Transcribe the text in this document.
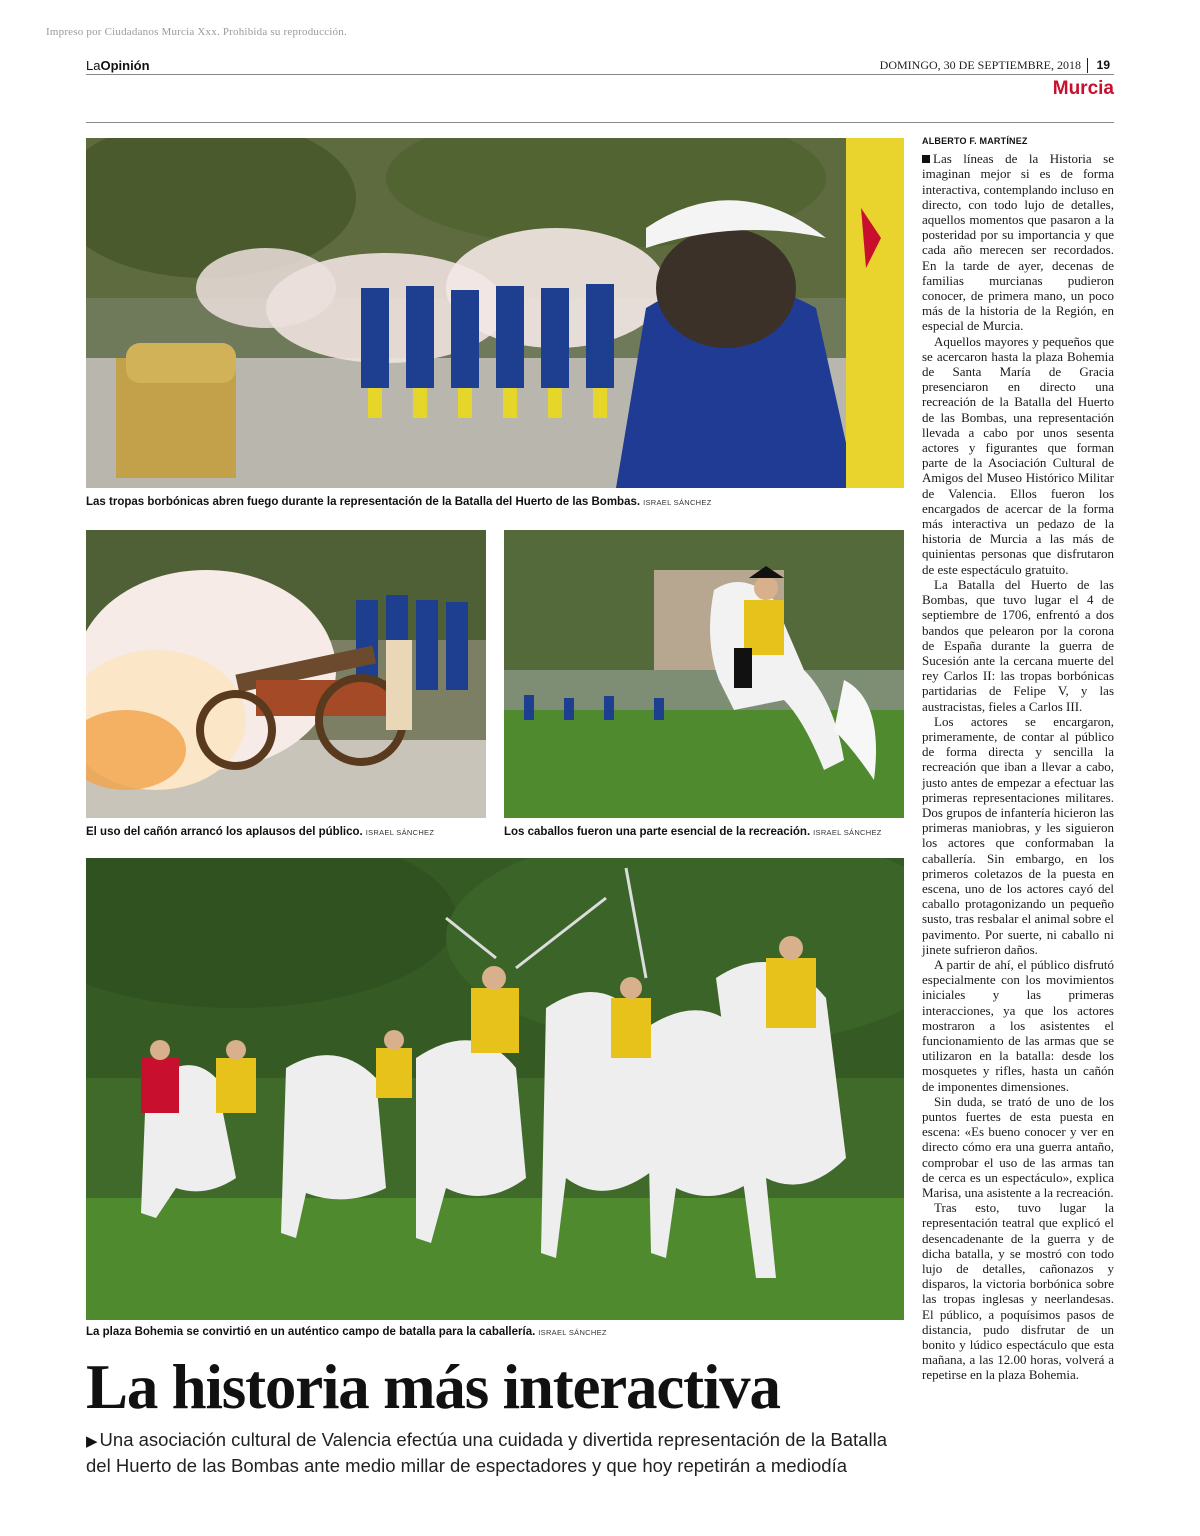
Impreso por Ciudadanos Murcia Xxx. Prohibida su reproducción.
LaOpinión	DOMINGO, 30 DE SEPTIEMBRE, 2018	19
Murcia
Las tropas borbónicas abren fuego durante la representación de la Batalla del Huerto de las Bombas. ISRAEL SÁNCHEZ
El uso del cañón arrancó los aplausos del público. ISRAEL SÁNCHEZ	Los caballos fueron una parte esencial de la recreación. ISRAEL SÁNCHEZ
La plaza Bohemia se convirtió en un auténtico campo de batalla para la caballería. ISRAEL SÁNCHEZ
La historia más interactiva
▶ Una asociación cultural de Valencia efectúa una cuidada y divertida representación de la Batalla del Huerto de las Bombas ante medio millar de espectadores y que hoy repetirán a mediodía
ALBERTO F. MARTÍNEZ

Las líneas de la Historia se imaginan mejor si es de forma interactiva, contemplando incluso en directo, con todo lujo de detalles, aquellos momentos que pasaron a la posteridad por su importancia y que cada año merecen ser recordados. En la tarde de ayer, decenas de familias murcianas pudieron conocer, de primera mano, un poco más de la historia de la Región, en especial de Murcia.

Aquellos mayores y pequeños que se acercaron hasta la plaza Bohemia de Santa María de Gracia presenciaron en directo una recreación de la Batalla del Huerto de las Bombas, una representación llevada a cabo por unos sesenta actores y figurantes que forman parte de la Asociación Cultural de Amigos del Museo Histórico Militar de Valencia. Ellos fueron los encargados de acercar de la forma más interactiva un pedazo de la historia de Murcia a las más de quinientas personas que disfrutaron de este espectáculo gratuito.

La Batalla del Huerto de las Bombas, que tuvo lugar el 4 de septiembre de 1706, enfrentó a dos bandos que pelearon por la corona de España durante la guerra de Sucesión ante la cercana muerte del rey Carlos II: las tropas borbónicas partidarias de Felipe V, y las austracistas, fieles a Carlos III.

Los actores se encargaron, primeramente, de contar al público de forma directa y sencilla la recreación que iban a llevar a cabo, justo antes de empezar a efectuar las primeras representaciones militares. Dos grupos de infantería hicieron las primeras maniobras, y les siguieron los actores que conformaban la caballería. Sin embargo, en los primeros coletazos de la puesta en escena, uno de los actores cayó del caballo protagonizando un pequeño susto, tras resbalar el animal sobre el pavimento. Por suerte, ni caballo ni jinete sufrieron daños.

A partir de ahí, el público disfrutó especialmente con los movimientos iniciales y las primeras interacciones, ya que los actores mostraron a los asistentes el funcionamiento de las armas que se utilizaron en la batalla: desde los mosquetes y rifles, hasta un cañón de imponentes dimensiones.

Sin duda, se trató de uno de los puntos fuertes de esta puesta en escena: «Es bueno conocer y ver en directo cómo era una guerra antaño, comprobar el uso de las armas tan de cerca es un espectáculo», explica Marisa, una asistente a la recreación.

Tras esto, tuvo lugar la representación teatral que explicó el desencadenante de la guerra y de dicha batalla, y se mostró con todo lujo de detalles, cañonazos y disparos, la victoria borbónica sobre las tropas inglesas y neerlandesas. El público, a poquísimos pasos de distancia, pudo disfrutar de un bonito y lúdico espectáculo que esta mañana, a las 12.00 horas, volverá a repetirse en la plaza Bohemia.
